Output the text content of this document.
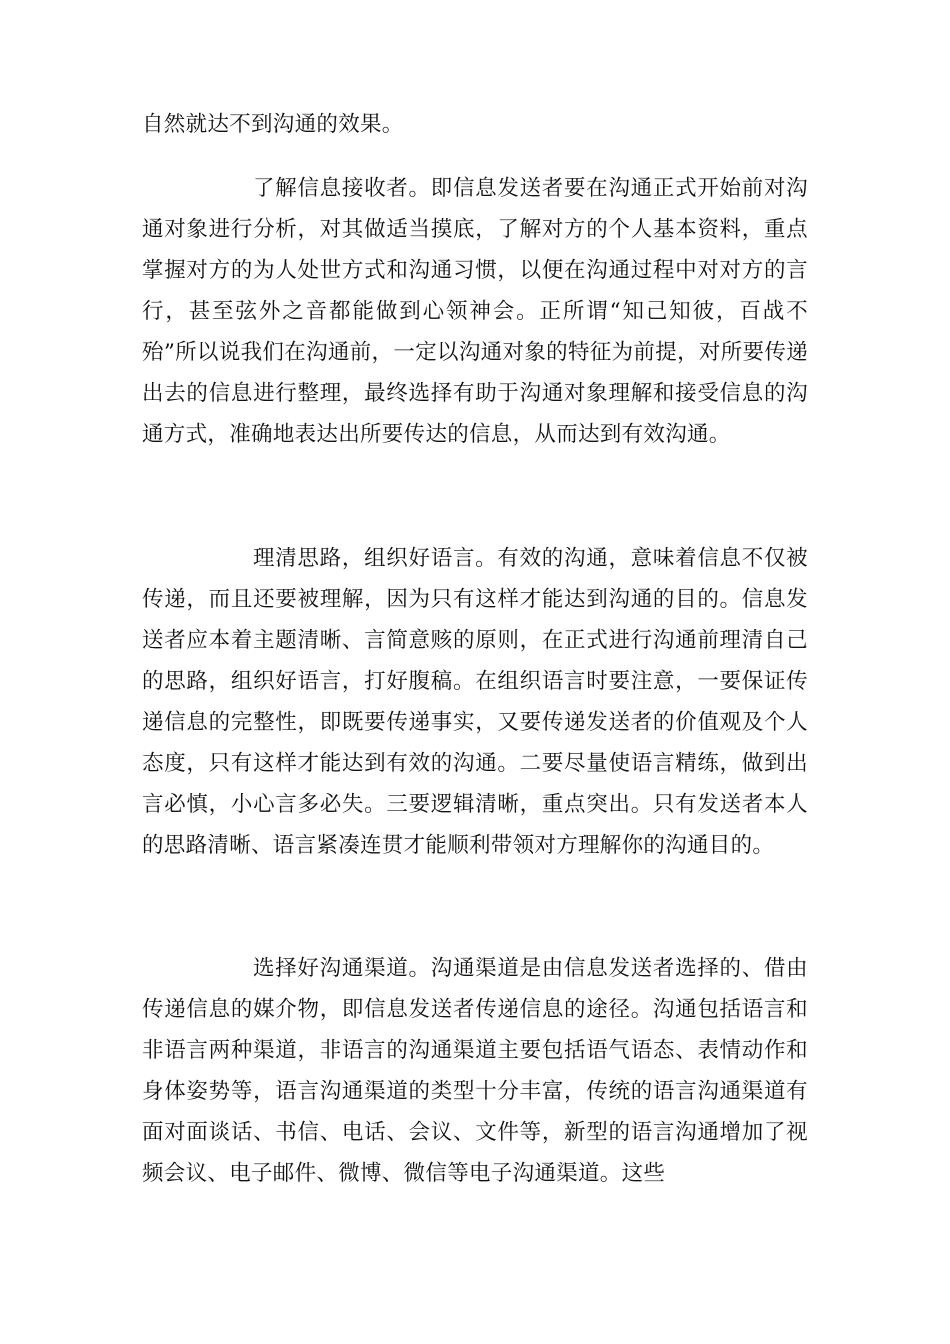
自然就达不到沟通的效果。

了解信息接收者。即信息发送者要在沟通正式开始前对沟通对象进行分析，对其做适当摸底，了解对方的个人基本资料，重点掌握对方的为人处世方式和沟通习惯，以便在沟通过程中对对方的言行，甚至弦外之音都能做到心领神会。正所谓“知己知彼，百战不殆”所以说我们在沟通前，一定以沟通对象的特征为前提，对所要传递出去的信息进行整理，最终选择有助于沟通对象理解和接受信息的沟通方式，准确地表达出所要传达的信息，从而达到有效沟通。

理清思路，组织好语言。有效的沟通，意味着信息不仅被传递，而且还要被理解，因为只有这样才能达到沟通的目的。信息发送者应本着主题清晰、言简意赅的原则，在正式进行沟通前理清自己的思路，组织好语言，打好腹稿。在组织语言时要注意，一要保证传递信息的完整性，即既要传递事实，又要传递发送者的价值观及个人态度，只有这样才能达到有效的沟通。二要尽量使语言精练，做到出言必慎，小心言多必失。三要逻辑清晰，重点突出。只有发送者本人的思路清晰、语言紧凑连贯才能顺利带领对方理解你的沟通目的。

选择好沟通渠道。沟通渠道是由信息发送者选择的、借由传递信息的媒介物，即信息发送者传递信息的途径。沟通包括语言和非语言两种渠道，非语言的沟通渠道主要包括语气语态、表情动作和身体姿势等，语言沟通渠道的类型十分丰富，传统的语言沟通渠道有面对面谈话、书信、电话、会议、文件等，新型的语言沟通增加了视频会议、电子邮件、微博、微信等电子沟通渠道。这些
